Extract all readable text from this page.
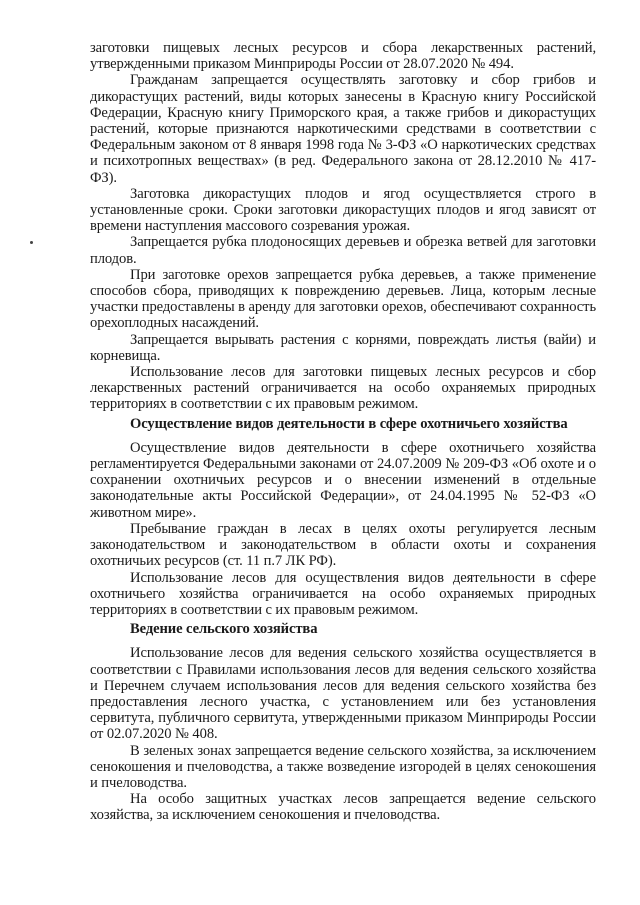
заготовки пищевых лесных ресурсов и сбора лекарственных растений, утвержденными приказом Минприроды России от 28.07.2020 № 494.

Гражданам запрещается осуществлять заготовку и сбор грибов и дикорастущих растений, виды которых занесены в Красную книгу Российской Федерации, Красную книгу Приморского края, а также грибов и дикорастущих растений, которые признаются наркотическими средствами в соответствии с Федеральным законом от 8 января 1998 года № 3-ФЗ «О наркотических средствах и психотропных веществах» (в ред. Федерального закона от 28.12.2010 № 417-ФЗ).

Заготовка дикорастущих плодов и ягод осуществляется строго в установленные сроки. Сроки заготовки дикорастущих плодов и ягод зависят от времени наступления массового созревания урожая.

Запрещается рубка плодоносящих деревьев и обрезка ветвей для заготовки плодов.

При заготовке орехов запрещается рубка деревьев, а также применение способов сбора, приводящих к повреждению деревьев. Лица, которым лесные участки предоставлены в аренду для заготовки орехов, обеспечивают сохранность орехоплодных насаждений.

Запрещается вырывать растения с корнями, повреждать листья (вайи) и корневища.

Использование лесов для заготовки пищевых лесных ресурсов и сбор лекарственных растений ограничивается на особо охраняемых природных территориях в соответствии с их правовым режимом.

Осуществление видов деятельности в сфере охотничьего хозяйства

Осуществление видов деятельности в сфере охотничьего хозяйства регламентируется Федеральными законами от 24.07.2009 № 209-ФЗ «Об охоте и о сохранении охотничьих ресурсов и о внесении изменений в отдельные законодательные акты Российской Федерации», от 24.04.1995 № 52-ФЗ «О животном мире».

Пребывание граждан в лесах в целях охоты регулируется лесным законодательством и законодательством в области охоты и сохранения охотничьих ресурсов (ст. 11 п.7 ЛК РФ).

Использование лесов для осуществления видов деятельности в сфере охотничьего хозяйства ограничивается на особо охраняемых природных территориях в соответствии с их правовым режимом.

Ведение сельского хозяйства

Использование лесов для ведения сельского хозяйства осуществляется в соответствии с Правилами использования лесов для ведения сельского хозяйства и Перечнем случаем использования лесов для ведения сельского хозяйства без предоставления лесного участка, с установлением или без установления сервитута, публичного сервитута, утвержденными приказом Минприроды России от 02.07.2020 № 408.

В зеленых зонах запрещается ведение сельского хозяйства, за исключением сенокошения и пчеловодства, а также возведение изгородей в целях сенокошения и пчеловодства.

На особо защитных участках лесов запрещается ведение сельского хозяйства, за исключением сенокошения и пчеловодства.
